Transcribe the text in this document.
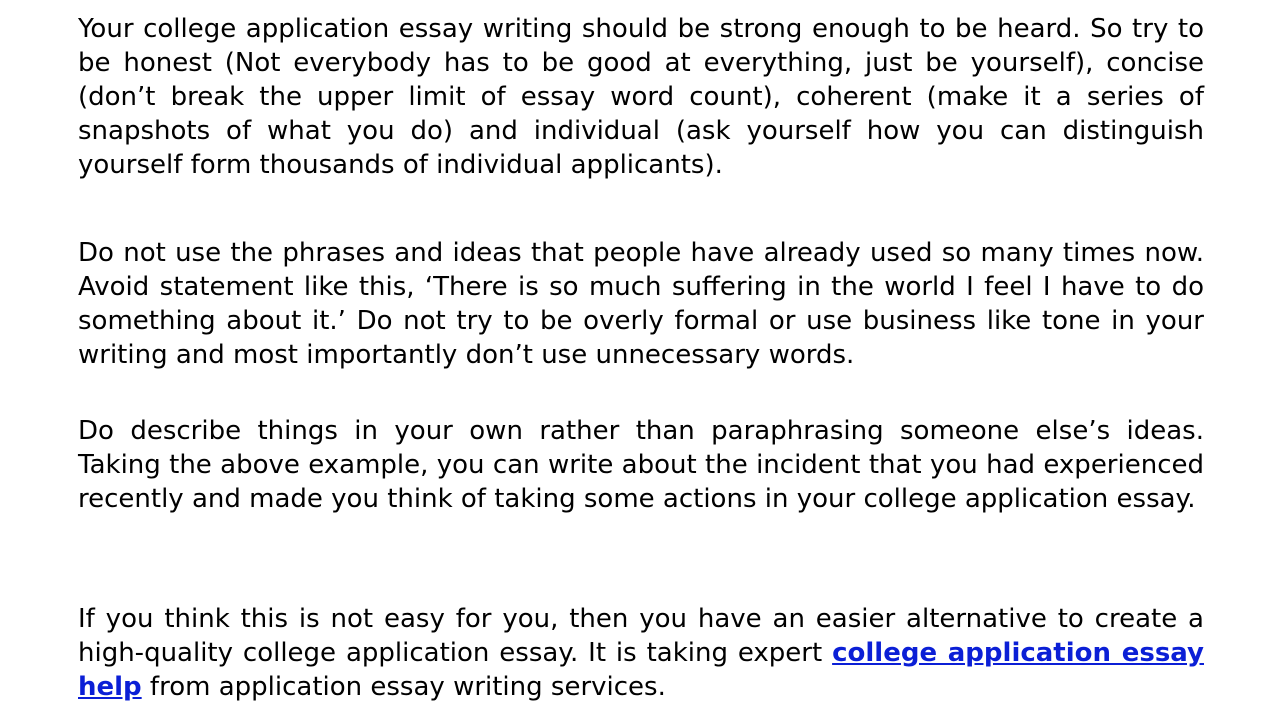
Your college application essay writing should be strong enough to be heard. So try to be honest (Not everybody has to be good at everything, just be yourself), concise (don’t break the upper limit of essay word count), coherent (make it a series of snapshots of what you do) and individual (ask yourself how you can distinguish yourself form thousands of individual applicants).

Do not use the phrases and ideas that people have already used so many times now. Avoid statement like this, ‘There is so much suffering in the world I feel I have to do something about it.’ Do not try to be overly formal or use business like tone in your writing and most importantly don’t use unnecessary words.

Do describe things in your own rather than paraphrasing someone else’s ideas. Taking the above example, you can write about the incident that you had experienced recently and made you think of taking some actions in your college application essay.

If you think this is not easy for you, then you have an easier alternative to create a high-quality college application essay. It is taking expert college application essay help from application essay writing services.
